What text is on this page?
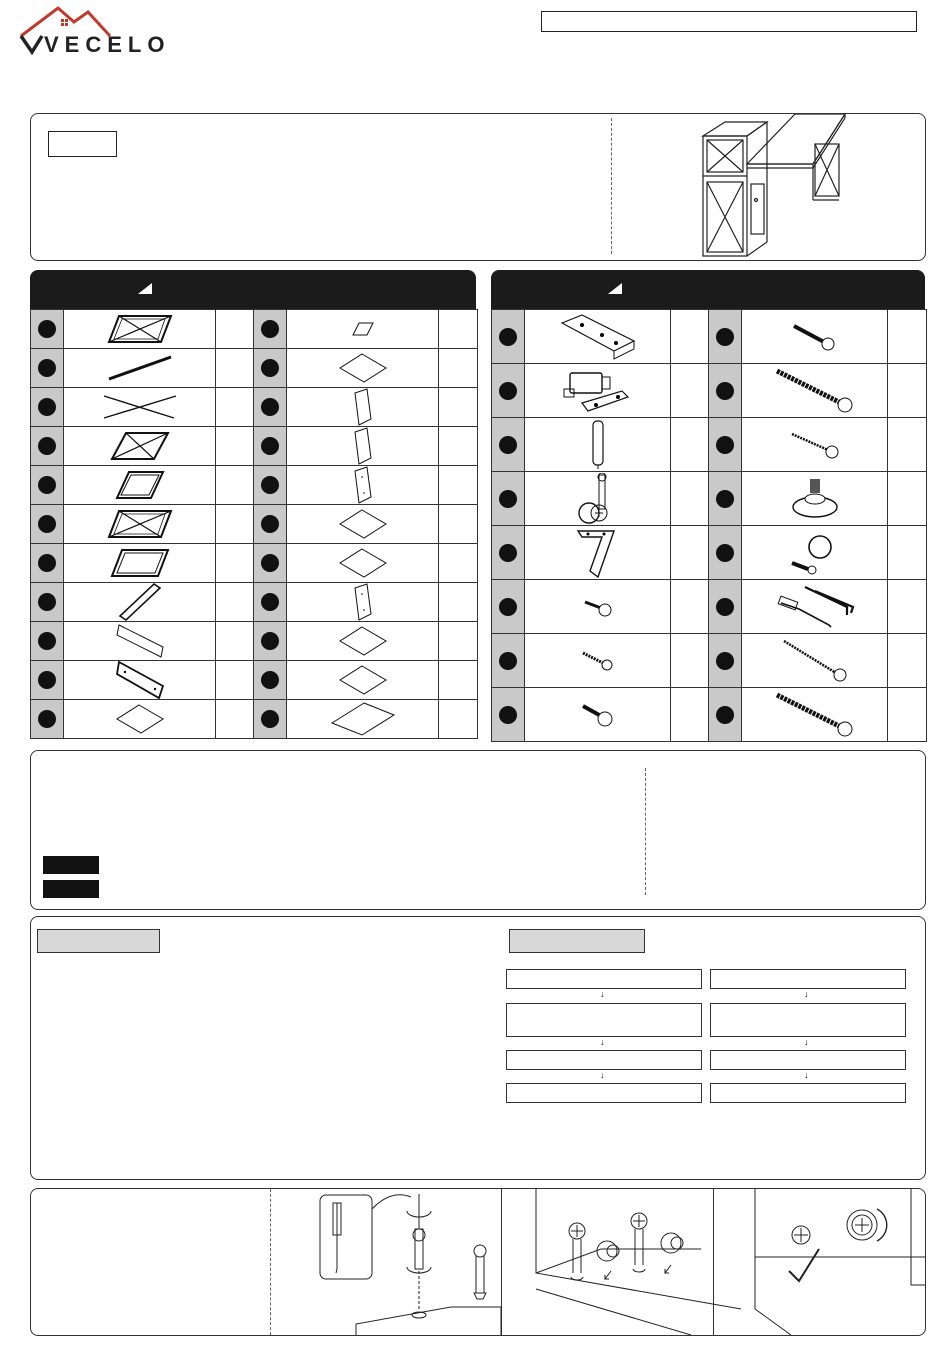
VECELO

↓
↓
↓
↓
↓
↓
